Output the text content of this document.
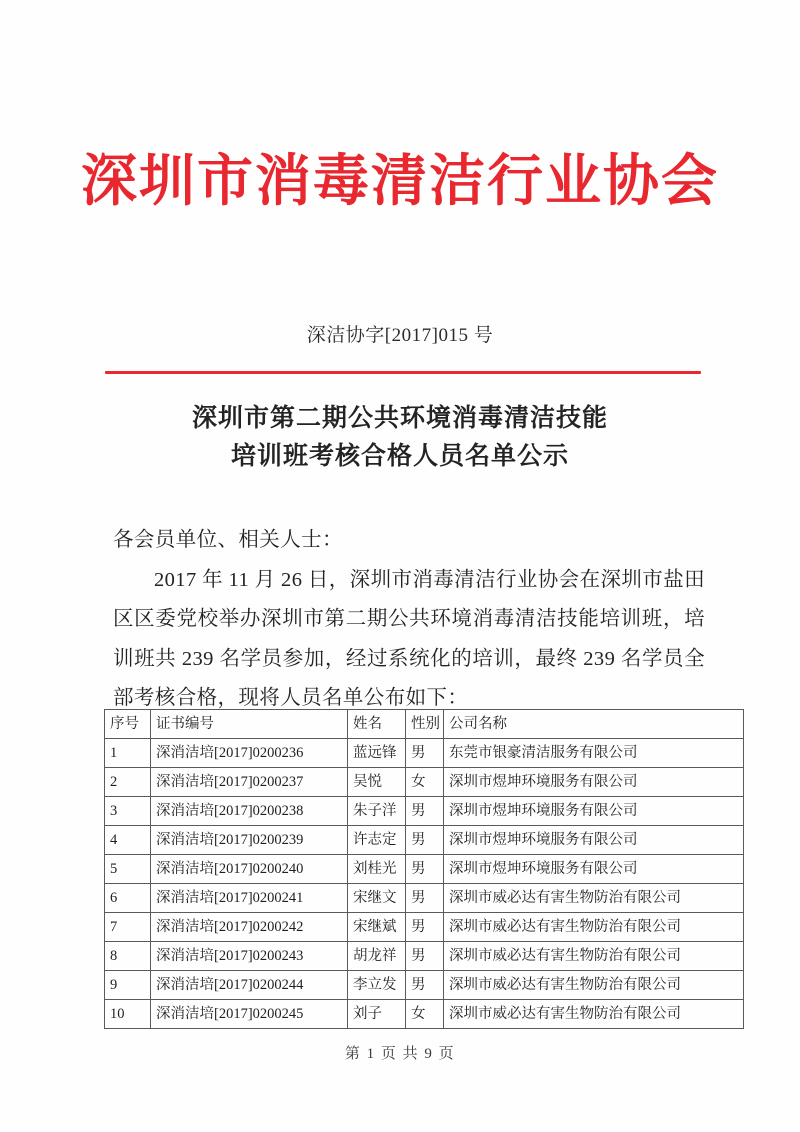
深圳市消毒清洁行业协会
深洁协字[2017]015 号
深圳市第二期公共环境消毒清洁技能
培训班考核合格人员名单公示
各会员单位、相关人士：
2017 年 11 月 26 日，深圳市消毒清洁行业协会在深圳市盐田区区委党校举办深圳市第二期公共环境消毒清洁技能培训班，培训班共 239 名学员参加，经过系统化的培训，最终 239 名学员全部考核合格，现将人员名单公布如下：
序号	证书编号	姓名	性别	公司名称
1	深消洁培[2017]0200236	蓝远锋	男	东莞市银豪清洁服务有限公司
2	深消洁培[2017]0200237	吴悦	女	深圳市煜坤环境服务有限公司
3	深消洁培[2017]0200238	朱子洋	男	深圳市煜坤环境服务有限公司
4	深消洁培[2017]0200239	许志定	男	深圳市煜坤环境服务有限公司
5	深消洁培[2017]0200240	刘桂光	男	深圳市煜坤环境服务有限公司
6	深消洁培[2017]0200241	宋继文	男	深圳市威必达有害生物防治有限公司
7	深消洁培[2017]0200242	宋继斌	男	深圳市威必达有害生物防治有限公司
8	深消洁培[2017]0200243	胡龙祥	男	深圳市威必达有害生物防治有限公司
9	深消洁培[2017]0200244	李立发	男	深圳市威必达有害生物防治有限公司
10	深消洁培[2017]0200245	刘子	女	深圳市威必达有害生物防治有限公司
第 1 页 共 9 页
